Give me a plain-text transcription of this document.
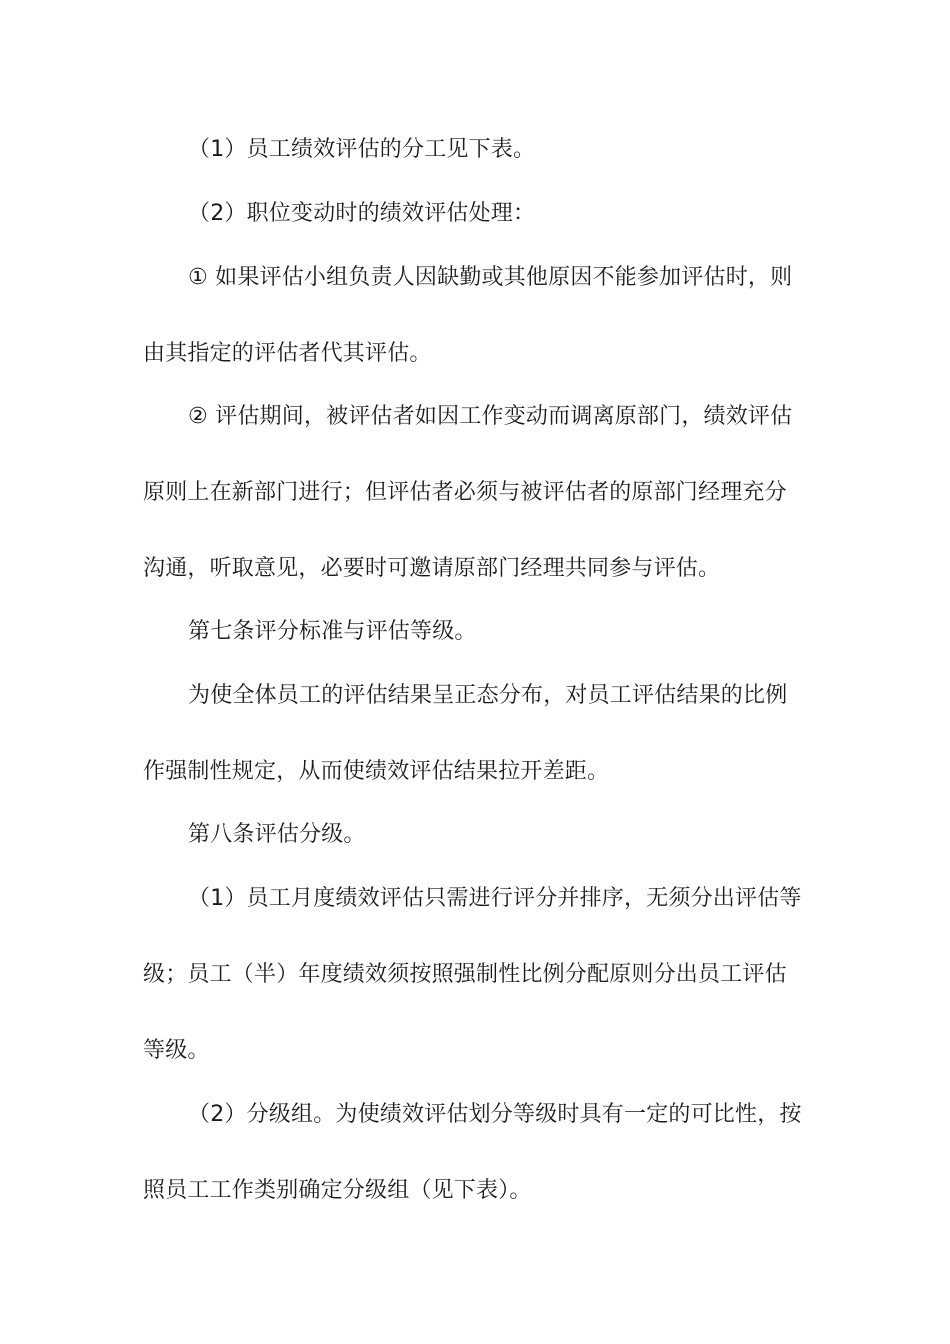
（1）员工绩效评估的分工见下表。
（2）职位变动时的绩效评估处理：
① 如果评估小组负责人因缺勤或其他原因不能参加评估时，则
由其指定的评估者代其评估。
② 评估期间，被评估者如因工作变动而调离原部门，绩效评估
原则上在新部门进行；但评估者必须与被评估者的原部门经理充分
沟通，听取意见，必要时可邀请原部门经理共同参与评估。
第七条评分标准与评估等级。
为使全体员工的评估结果呈正态分布，对员工评估结果的比例
作强制性规定，从而使绩效评估结果拉开差距。
第八条评估分级。
（1）员工月度绩效评估只需进行评分并排序，无须分出评估等
级；员工（半）年度绩效须按照强制性比例分配原则分出员工评估
等级。
（2）分级组。为使绩效评估划分等级时具有一定的可比性，按
照员工工作类别确定分级组（见下表）。
